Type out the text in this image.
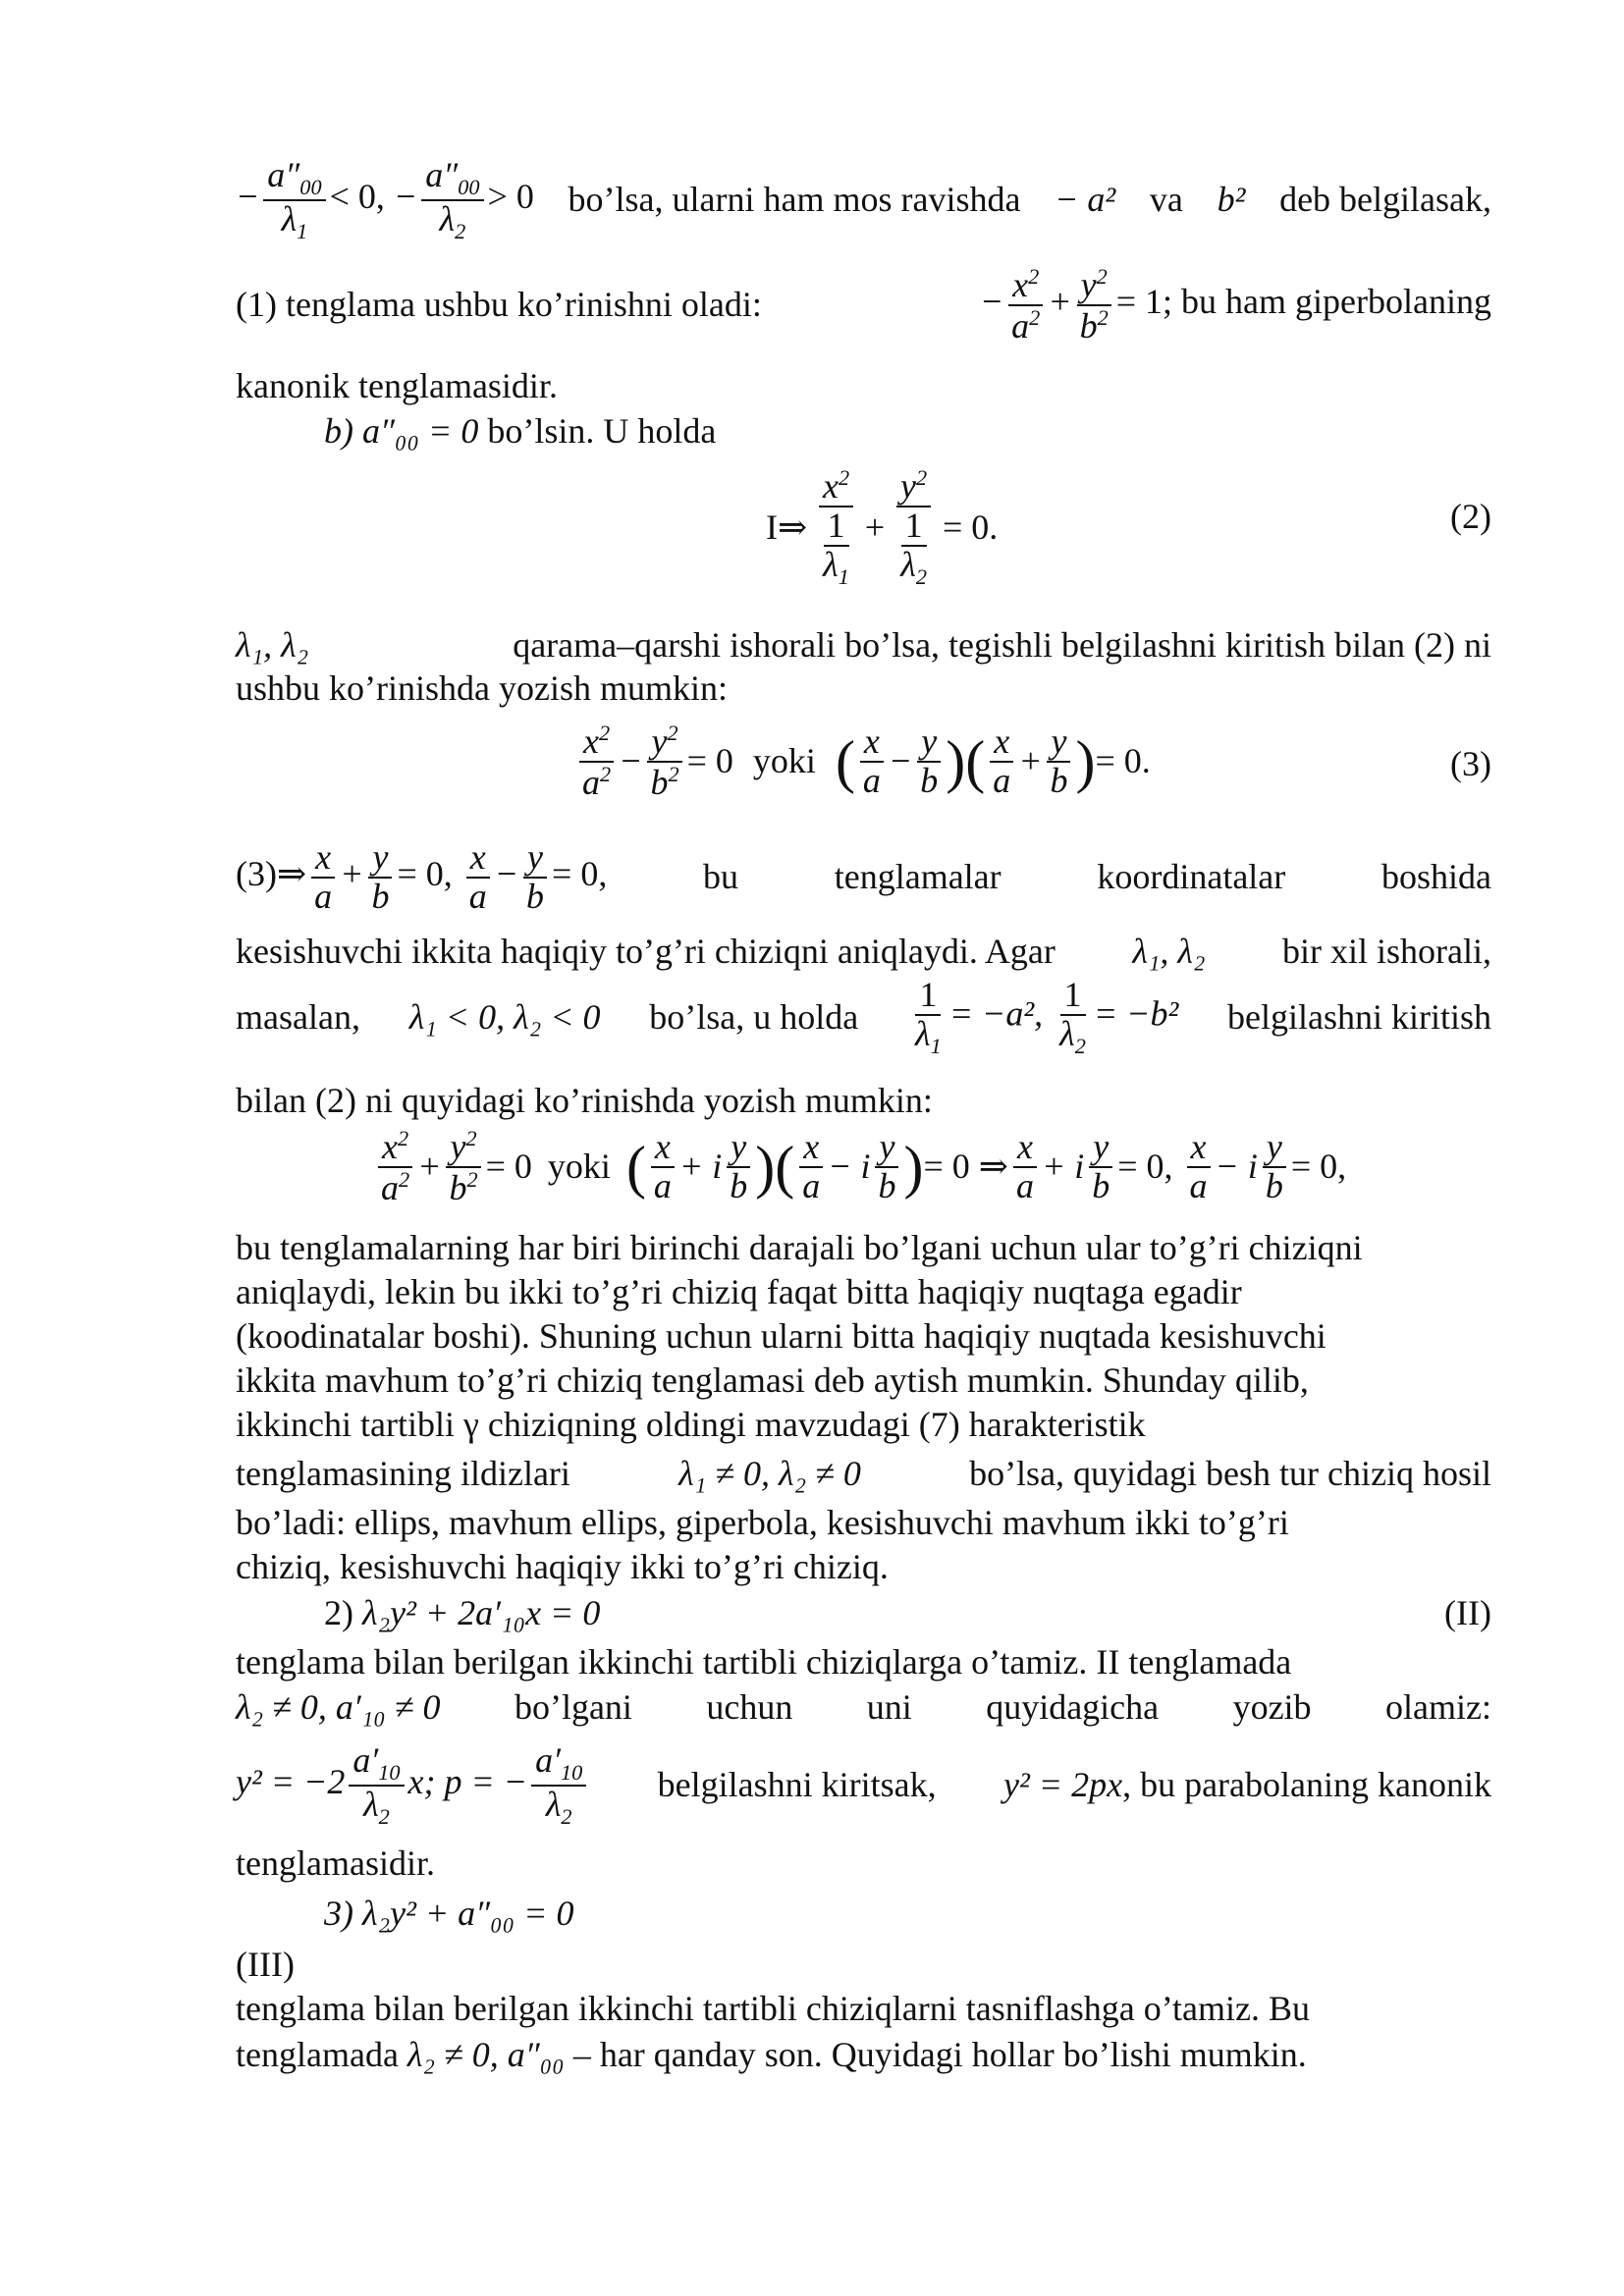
− $\frac{a''_{00}}{\lambda_1} < 0$, − $\frac{a''_{00}}{\lambda_2} > 0$ bo’lsa, ularni ham mos ravishda − a² va b² deb belgilasak,
(1) tenglama ushbu ko’rinishni oladi:	− $\frac{x^2}{a^2} + \frac{y^2}{b^2} = 1$; bu ham giperbolaning
kanonik tenglamasidir.
b) a″₀₀ = 0 bo’lsin. U holda
I⇒ $\frac{x^2}{\frac{1}{\lambda_1}} + \frac{y^2}{\frac{1}{\lambda_2}} = 0$.	(2)
λ₁, λ₂	qarama–qarshi ishorali bo’lsa, tegishli belgilashni kiritish bilan (2) ni
ushbu ko’rinishda yozish mumkin:
$\frac{x^2}{a^2} - \frac{y^2}{b^2} = 0$ yoki ( $\frac{x}{a} - \frac{y}{b}$ )( $\frac{x}{a} + \frac{y}{b}$ ) = 0.	(3)
(3)⇒ $\frac{x}{a} + \frac{y}{b} = 0$, $\frac{x}{a} - \frac{y}{b} = 0$,	bu	tenglamalar	koordinatalar	boshida
kesishuvchi ikkita haqiqiy to’g’ri chiziqni aniqlaydi. Agar λ₁, λ₂ bir xil ishorali,
masalan, λ₁ < 0, λ₂ < 0 bo’lsa, u holda $\frac{1}{\lambda_1} = -a^2$, $\frac{1}{\lambda_2} = -b^2$ belgilashni kiritish
bilan (2) ni quyidagi ko’rinishda yozish mumkin:
$\frac{x^2}{a^2} + \frac{y^2}{b^2} = 0$ yoki ( $\frac{x}{a} + i \frac{y}{b}$ )( $\frac{x}{a} - i \frac{y}{b}$ ) = 0 ⇒ $\frac{x}{a} + i \frac{y}{b} = 0$,
$\frac{x}{a} - i \frac{y}{b} = 0$,
bu tenglamalarning har biri birinchi darajali bo’lgani uchun ular to’g’ri chiziqni
aniqlaydi, lekin bu ikki to’g’ri chiziq faqat bitta haqiqiy nuqtaga egadir
(koodinatalar boshi). Shuning uchun ularni bitta haqiqiy nuqtada kesishuvchi
ikkita mavhum to’g’ri chiziq tenglamasi deb aytish mumkin. Shunday qilib,
ikkinchi tartibli γ chiziqning oldingi mavzudagi (7) harakteristik
tenglamasining ildizlari	λ₁ ≠ 0, λ₂ ≠ 0	bo’lsa, quyidagi besh tur chiziq hosil
bo’ladi: ellips, mavhum ellips, giperbola, kesishuvchi mavhum ikki to’g’ri
chiziq, kesishuvchi haqiqiy ikki to’g’ri chiziq.
2) λ₂y² + 2a′₁₀x = 0	(II)
tenglama bilan berilgan ikkinchi tartibli chiziqlarga o’tamiz. II tenglamada
λ₂ ≠ 0, a′₁₀ ≠ 0 bo’lgani uchun uni quyidagicha yozib olamiz:
$y^2 = -2 \frac{a'_{10}}{\lambda_2} x$; p = − $\frac{a'_{10}}{\lambda_2}$ belgilashni kiritsak, y² = 2px, bu parabolaning kanonik
tenglamasidir.
3) λ₂y² + a″₀₀ = 0
(III)
tenglama bilan berilgan ikkinchi tartibli chiziqlarni tasniflashga o’tamiz. Bu
tenglamada λ₂ ≠ 0, a″₀₀ – har qanday son. Quyidagi hollar bo’lishi mumkin.
